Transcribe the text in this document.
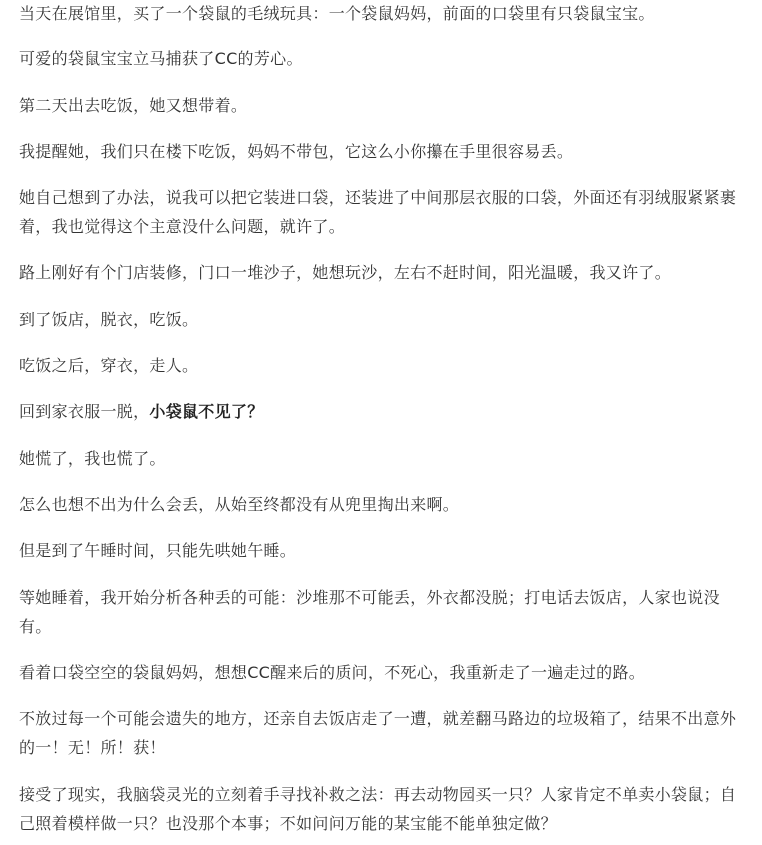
当天在展馆里，买了一个袋鼠的毛绒玩具：一个袋鼠妈妈，前面的口袋里有只袋鼠宝宝。

可爱的袋鼠宝宝立马捕获了CC的芳心。

第二天出去吃饭，她又想带着。

我提醒她，我们只在楼下吃饭，妈妈不带包，它这么小你攥在手里很容易丢。

她自己想到了办法，说我可以把它装进口袋，还装进了中间那层衣服的口袋，外面还有羽绒服紧紧裹着，我也觉得这个主意没什么问题，就许了。

路上刚好有个门店装修，门口一堆沙子，她想玩沙，左右不赶时间，阳光温暖，我又许了。

到了饭店，脱衣，吃饭。

吃饭之后，穿衣，走人。

回到家衣服一脱，小袋鼠不见了？

她慌了，我也慌了。

怎么也想不出为什么会丢，从始至终都没有从兜里掏出来啊。

但是到了午睡时间，只能先哄她午睡。

等她睡着，我开始分析各种丢的可能：沙堆那不可能丢，外衣都没脱；打电话去饭店，人家也说没有。

看着口袋空空的袋鼠妈妈，想想CC醒来后的质问，不死心，我重新走了一遍走过的路。

不放过每一个可能会遗失的地方，还亲自去饭店走了一遭，就差翻马路边的垃圾箱了，结果不出意外的一！无！所！获！

接受了现实，我脑袋灵光的立刻着手寻找补救之法：再去动物园买一只？人家肯定不单卖小袋鼠；自己照着模样做一只？也没那个本事；不如问问万能的某宝能不能单独定做？
